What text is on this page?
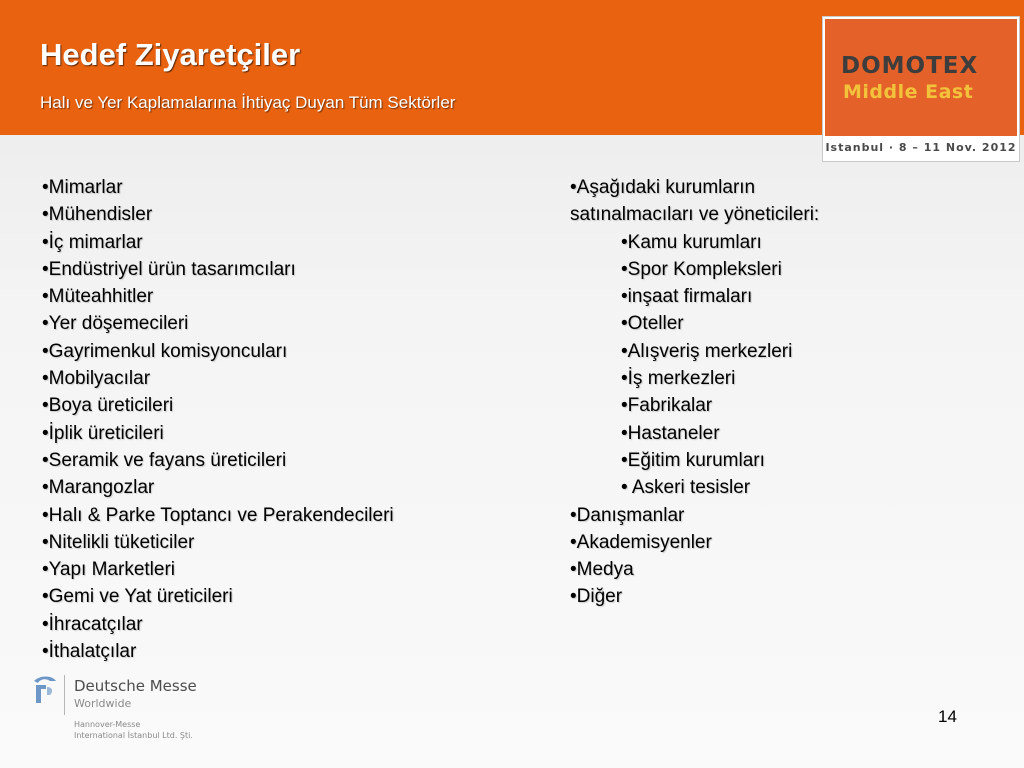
Hedef Ziyaretçiler

Halı ve Yer Kaplamalarına İhtiyaç Duyan Tüm Sektörler

DOMOTEX
Middle East
Istanbul · 8 – 11 Nov. 2012
•Mimarlar
•Mühendisler
•İç mimarlar
•Endüstriyel ürün tasarımcıları
•Müteahhitler
•Yer döşemecileri
•Gayrimenkul komisyoncuları
•Mobilyacılar
•Boya üreticileri
•İplik üreticileri
•Seramik ve fayans üreticileri
•Marangozlar
•Halı & Parke Toptancı ve Perakendecileri
•Nitelikli tüketiciler
•Yapı Marketleri
•Gemi ve Yat üreticileri
•İhracatçılar
•İthalatçılar
•Aşağıdaki kurumların
satınalmacıları ve yöneticileri:
•Kamu kurumları
•Spor Kompleksleri
•inşaat firmaları
•Oteller
•Alışveriş merkezleri
•İş merkezleri
•Fabrikalar
•Hastaneler
•Eğitim kurumları
• Askeri tesisler
•Danışmanlar
•Akademisyenler
•Medya
•Diğer
Deutsche Messe
Worldwide
Hannover-Messe
International İstanbul Ltd. Şti.
14
